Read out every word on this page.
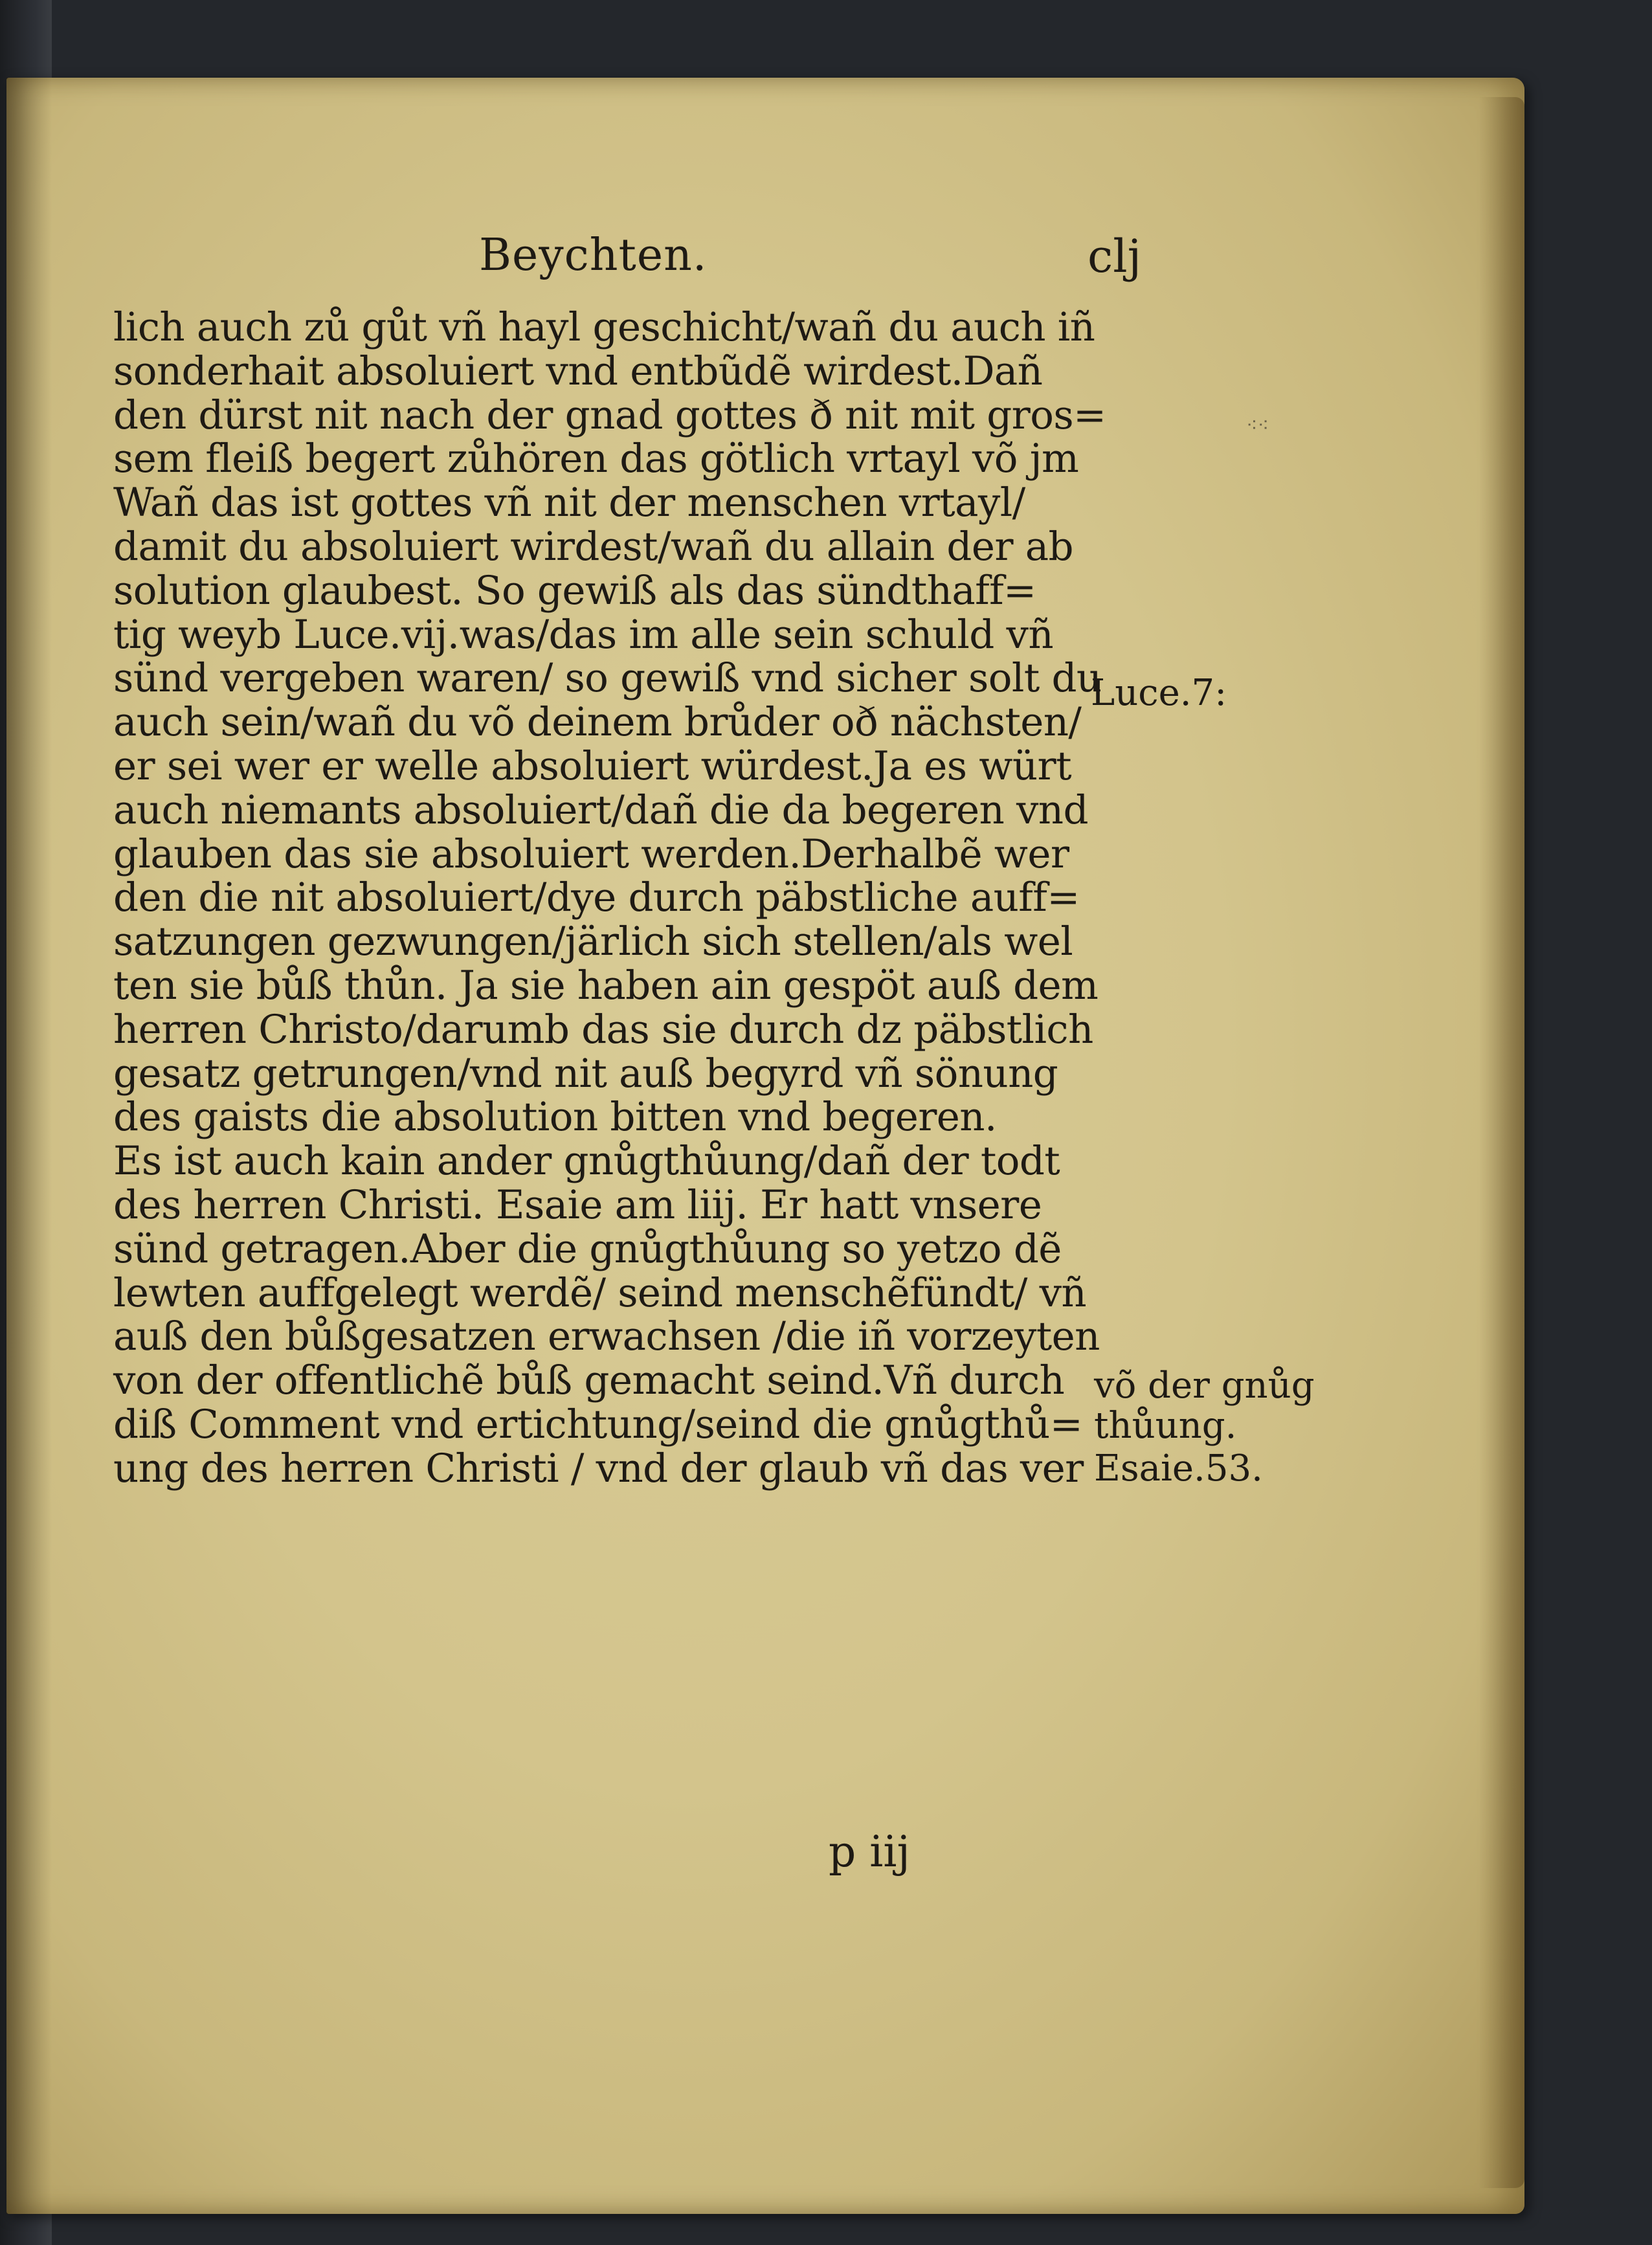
Beychten.	clj
⁖⁖
lich auch zů gůt vñ hayl geschicht/wañ du auch iñ
sonderhait absoluiert vnd entbũdẽ wirdest.Dañ
den dürst nit nach der gnad gottes ð nit mit gros=
sem fleiß begert zůhören das götlich vrtayl võ jm
Wañ das ist gottes vñ nit der menschen vrtayl/
damit du absoluiert wirdest/wañ du allain der ab
solution glaubest. So gewiß als das sündthaff=
tig weyb Luce.vij.was/das im alle sein schuld vñ
sünd vergeben waren/ so gewiß vnd sicher solt du
auch sein/wañ du võ deinem brůder oð nächsten/
er sei wer er welle absoluiert würdest.Ja es würt
auch niemants absoluiert/dañ die da begeren vnd
glauben das sie absoluiert werden.Derhalbẽ wer
den die nit absoluiert/dye durch päbstliche auff=
satzungen gezwungen/järlich sich stellen/als wel
ten sie bůß thůn. Ja sie haben ain gespöt auß dem
herren Christo/darumb das sie durch dz päbstlich
gesatz getrungen/vnd nit auß begyrd vñ sönung
des gaists die absolution bitten vnd begeren.
Es ist auch kain ander gnůgthůung/dañ der todt
des herren Christi. Esaie am liij. Er hatt vnsere
sünd getragen.Aber die gnůgthůung so yetzo dẽ
lewten auffgelegt werdẽ/ seind menschẽfündt/ vñ
auß den bůßgesatzen erwachsen /die iñ vorzeyten
von der offentlichẽ bůß gemacht seind.Vñ durch
diß Comment vnd ertichtung/seind die gnůgthů=
ung des herren Christi / vnd der glaub vñ das ver
Luce.7:
võ der gnůg
thůung.
Esaie.53.
p iij
